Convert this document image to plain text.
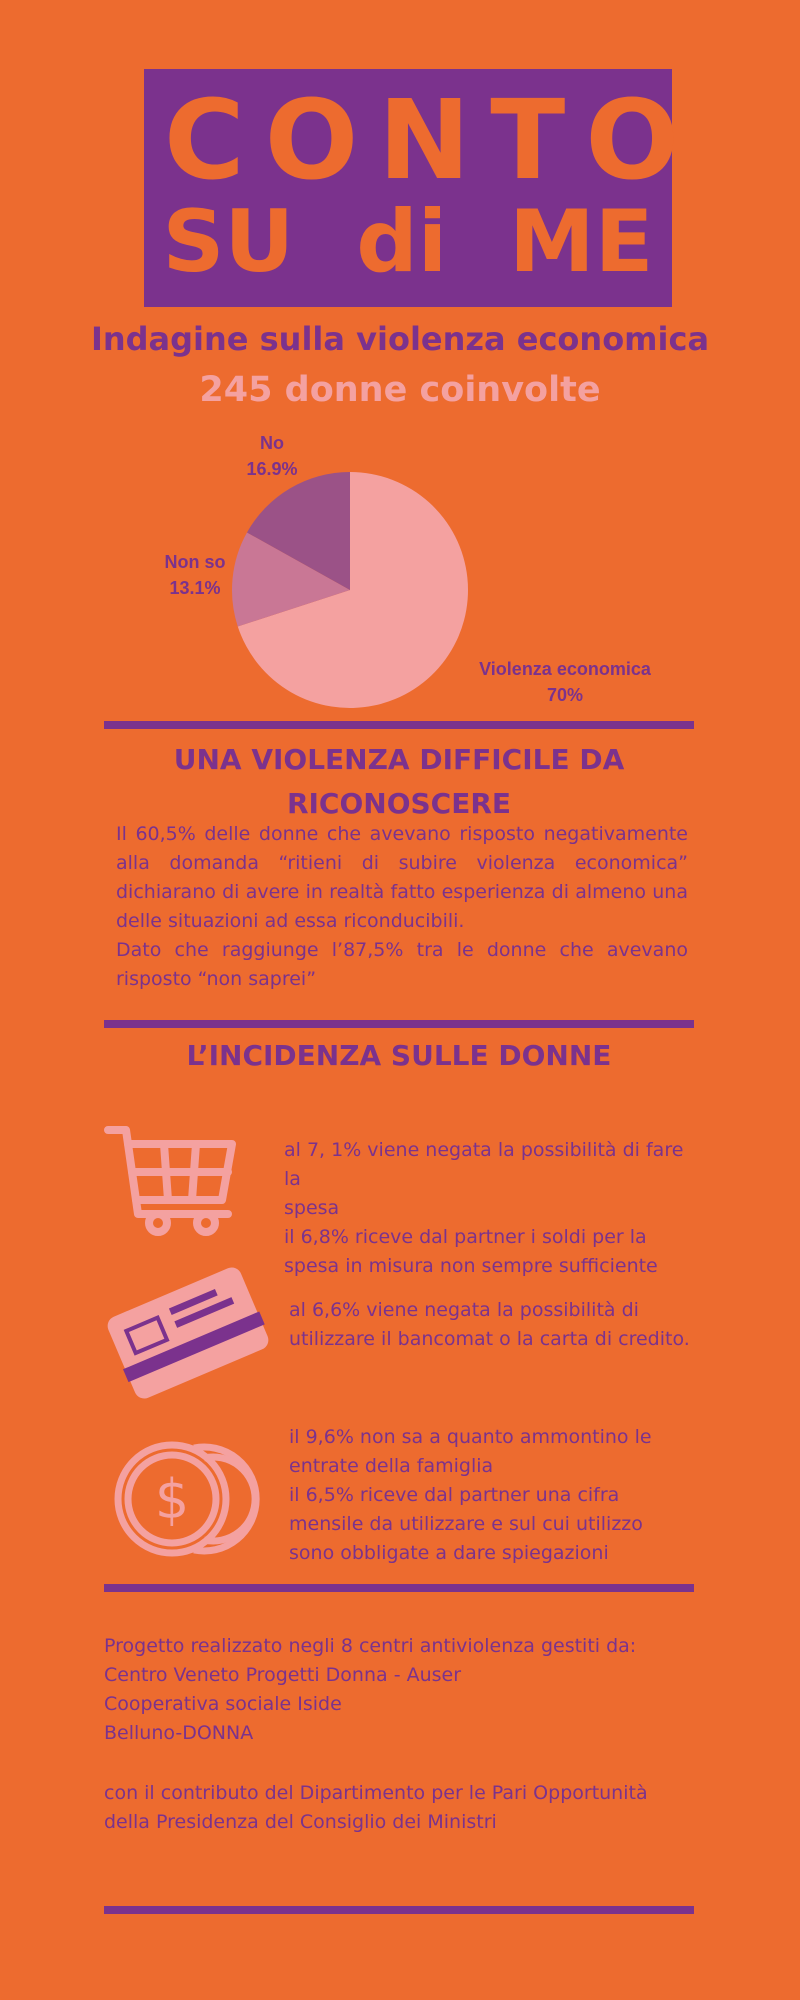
CONTO
SU di ME
Indagine sulla violenza economica
245 donne coinvolte
No
16.9%
Non so
13.1%
Violenza economica
70%
UNA VIOLENZA DIFFICILE DA
RICONOSCERE

Il 60,5% delle donne che avevano risposto negativamente alla domanda “ritieni di subire violenza economica” dichiarano di avere in realtà fatto esperienza di almeno una delle situazioni ad essa riconducibili.

Dato che raggiunge l’87,5% tra le donne che avevano risposto “non saprei”

L’INCIDENZA SULLE DONNE
al 7, 1% viene negata la possibilità di fare la
spesa
il 6,8% riceve dal partner i soldi per la
spesa in misura non sempre sufficiente
al 6,6% viene negata la possibilità di
utilizzare il bancomat o la carta di credito.
$
il 9,6% non sa a quanto ammontino le
entrate della famiglia
il 6,5% riceve dal partner una cifra
mensile da utilizzare e sul cui utilizzo
sono obbligate a dare spiegazioni
Progetto realizzato negli 8 centri antiviolenza gestiti da:
Centro Veneto Progetti Donna - Auser
Cooperativa sociale Iside
Belluno-DONNA
con il contributo del Dipartimento per le Pari Opportunità
della Presidenza del Consiglio dei Ministri
